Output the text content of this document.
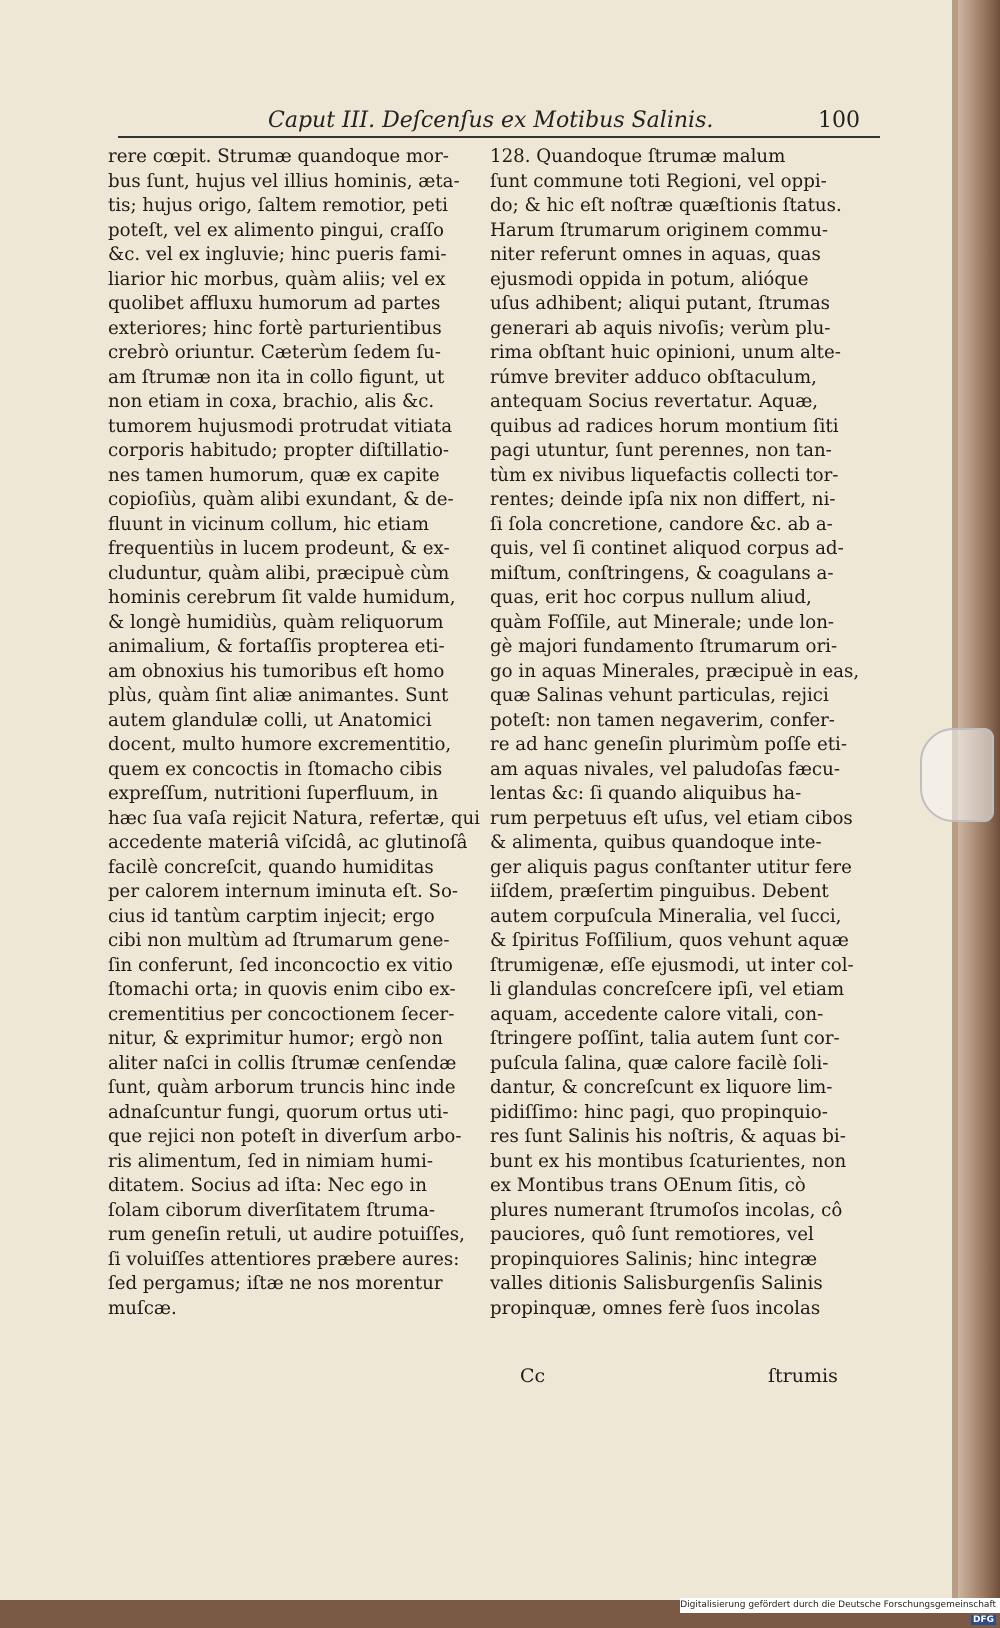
Caput III. Deſcenſus ex Motibus Salinis.	100
rere cœpit. Strumæ quandoque mor-
bus ſunt, hujus vel illius hominis, æta-
tis; hujus origo, ſaltem remotior, peti
poteſt, vel ex alimento pingui, craſſo
&c. vel ex ingluvie; hinc pueris fami-
liarior hic morbus, quàm aliis; vel ex
quolibet affluxu humorum ad partes
exteriores; hinc fortè parturientibus
crebrò oriuntur. Cæterùm ſedem ſu-
am ſtrumæ non ita in collo figunt, ut
non etiam in coxa, brachio, alis &c.
tumorem hujusmodi protrudat vitiata
corporis habitudo; propter diſtillatio-
nes tamen humorum, quæ ex capite
copioſiùs, quàm alibi exundant, & de-
fluunt in vicinum collum, hic etiam
frequentiùs in lucem prodeunt, & ex-
cluduntur, quàm alibi, præcipuè cùm
hominis cerebrum ſit valde humidum,
& longè humidiùs, quàm reliquorum
animalium, & fortaſſis propterea eti-
am obnoxius his tumoribus eſt homo
plùs, quàm ſint aliæ animantes. Sunt
autem glandulæ colli, ut Anatomici
docent, multo humore excrementitio,
quem ex concoctis in ſtomacho cibis
expreſſum, nutritioni ſuperfluum, in
hæc ſua vaſa rejicit Natura, refertæ, qui
accedente materiâ viſcidâ, ac glutinoſâ
facilè concreſcit, quando humiditas
per calorem internum iminuta eſt. So-
cius id tantùm carptim injecit; ergo
cibi non multùm ad ſtrumarum gene-
ſin conferunt, ſed inconcoctio ex vitio
ſtomachi orta; in quovis enim cibo ex-
crementitius per concoctionem ſecer-
nitur, & exprimitur humor; ergò non
aliter naſci in collis ſtrumæ cenſendæ
ſunt, quàm arborum truncis hinc inde
adnaſcuntur fungi, quorum ortus uti-
que rejici non poteſt in diverſum arbo-
ris alimentum, ſed in nimiam humi-
ditatem. Socius ad iſta: Nec ego in
ſolam ciborum diverſitatem ſtruma-
rum geneſin retuli, ut audire potuiſſes,
ſi voluiſſes attentiores præbere aures:
ſed pergamus; iſtæ ne nos morentur
muſcæ.
128. Quandoque ſtrumæ malum
ſunt commune toti Regioni, vel oppi-
do; & hic eſt noſtræ quæſtionis ſtatus.
Harum ſtrumarum originem commu-
niter referunt omnes in aquas, quas
ejusmodi oppida in potum, alióque
uſus adhibent; aliqui putant, ſtrumas
generari ab aquis nivoſis; verùm plu-
rima obſtant huic opinioni, unum alte-
rúmve breviter adduco obſtaculum,
antequam Socius revertatur. Aquæ,
quibus ad radices horum montium ſiti
pagi utuntur, ſunt perennes, non tan-
tùm ex nivibus liquefactis collecti tor-
rentes; deinde ipſa nix non differt, ni-
ſi ſola concretione, candore &c. ab a-
quis, vel ſi continet aliquod corpus ad-
miſtum, conſtringens, & coagulans a-
quas, erit hoc corpus nullum aliud,
quàm Foſſile, aut Minerale; unde lon-
gè majori fundamento ſtrumarum ori-
go in aquas Minerales, præcipuè in eas,
quæ Salinas vehunt particulas, rejici
poteſt: non tamen negaverim, confer-
re ad hanc geneſin plurimùm poſſe eti-
am aquas nivales, vel paludoſas fæcu-
lentas &c: ſi quando aliquibus ha-
rum perpetuus eſt uſus, vel etiam cibos
& alimenta, quibus quandoque inte-
ger aliquis pagus conſtanter utitur fere
iiſdem, præſertim pinguibus. Debent
autem corpuſcula Mineralia, vel ſucci,
& ſpiritus Foſſilium, quos vehunt aquæ
ſtrumigenæ, eſſe ejusmodi, ut inter col-
li glandulas concreſcere ipſi, vel etiam
aquam, accedente calore vitali, con-
ſtringere poſſint, talia autem ſunt cor-
puſcula ſalina, quæ calore facilè ſoli-
dantur, & concreſcunt ex liquore lim-
pidiſſimo: hinc pagi, quo propinquio-
res ſunt Salinis his noſtris, & aquas bi-
bunt ex his montibus ſcaturientes, non
ex Montibus trans OEnum ſitis, cò
plures numerant ſtrumoſos incolas, cô
pauciores, quô ſunt remotiores, vel
propinquiores Salinis; hinc integræ
valles ditionis Salisburgenſis Salinis
propinquæ, omnes ferè ſuos incolas
Cc	ſtrumis
Digitalisierung gefördert durch die Deutsche Forschungsgemeinschaft DFG
